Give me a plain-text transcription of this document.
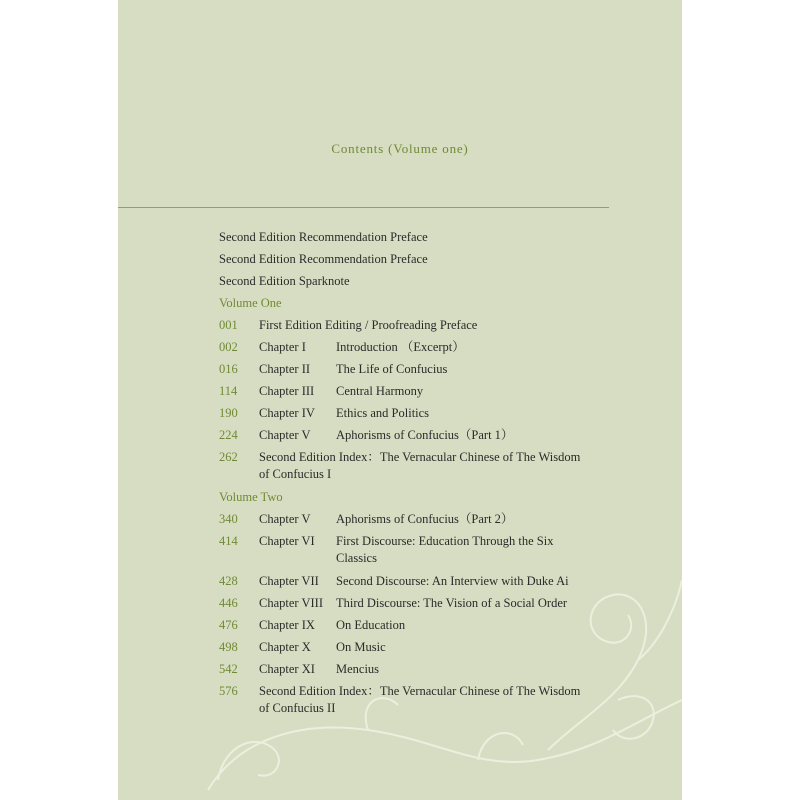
Contents (Volume one)
Second Edition Recommendation Preface
Second Edition Recommendation Preface
Second Edition Sparknote
Volume One
001 First Edition Editing / Proofreading Preface
002 Chapter I Introduction （Excerpt）
016 Chapter II The Life of Confucius
114 Chapter III Central Harmony
190 Chapter IV Ethics and Politics
224 Chapter V Aphorisms of Confucius（Part 1）
262 Second Edition Index：The Vernacular Chinese of The Wisdom of Confucius I
Volume Two
340 Chapter V Aphorisms of Confucius（Part 2）
414 Chapter VI First Discourse: Education Through the Six Classics
428 Chapter VII Second Discourse: An Interview with Duke Ai
446 Chapter VIII Third Discourse: The Vision of a Social Order
476 Chapter IX On Education
498 Chapter X On Music
542 Chapter XI Mencius
576 Second Edition Index：The Vernacular Chinese of The Wisdom of Confucius II
